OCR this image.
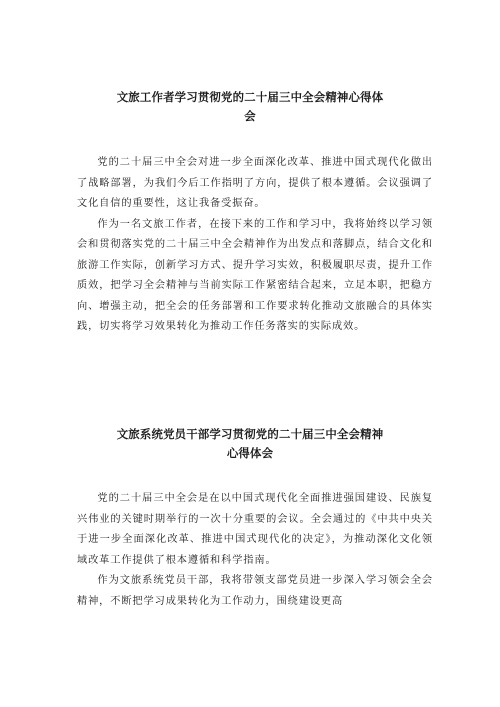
文旅工作者学习贯彻党的二十届三中全会精神心得体
会

党的二十届三中全会对进一步全面深化改革、推进中国式现代化做出了战略部署，为我们今后工作指明了方向，提供了根本遵循。会议强调了文化自信的重要性，这让我备受振奋。

作为一名文旅工作者，在接下来的工作和学习中，我将始终以学习领会和贯彻落实党的二十届三中全会精神作为出发点和落脚点，结合文化和旅游工作实际，创新学习方式、提升学习实效，积极履职尽责，提升工作质效，把学习全会精神与当前实际工作紧密结合起来，立足本职，把稳方向、增强主动，把全会的任务部署和工作要求转化推动文旅融合的具体实践，切实将学习效果转化为推动工作任务落实的实际成效。

文旅系统党员干部学习贯彻党的二十届三中全会精神
心得体会

党的二十届三中全会是在以中国式现代化全面推进强国建设、民族复兴伟业的关键时期举行的一次十分重要的会议。全会通过的《中共中央关于进一步全面深化改革、推进中国式现代化的决定》，为推动深化文化领域改革工作提供了根本遵循和科学指南。

作为文旅系统党员干部，我将带领支部党员进一步深入学习领会全会精神，不断把学习成果转化为工作动力，围绕建设更高
